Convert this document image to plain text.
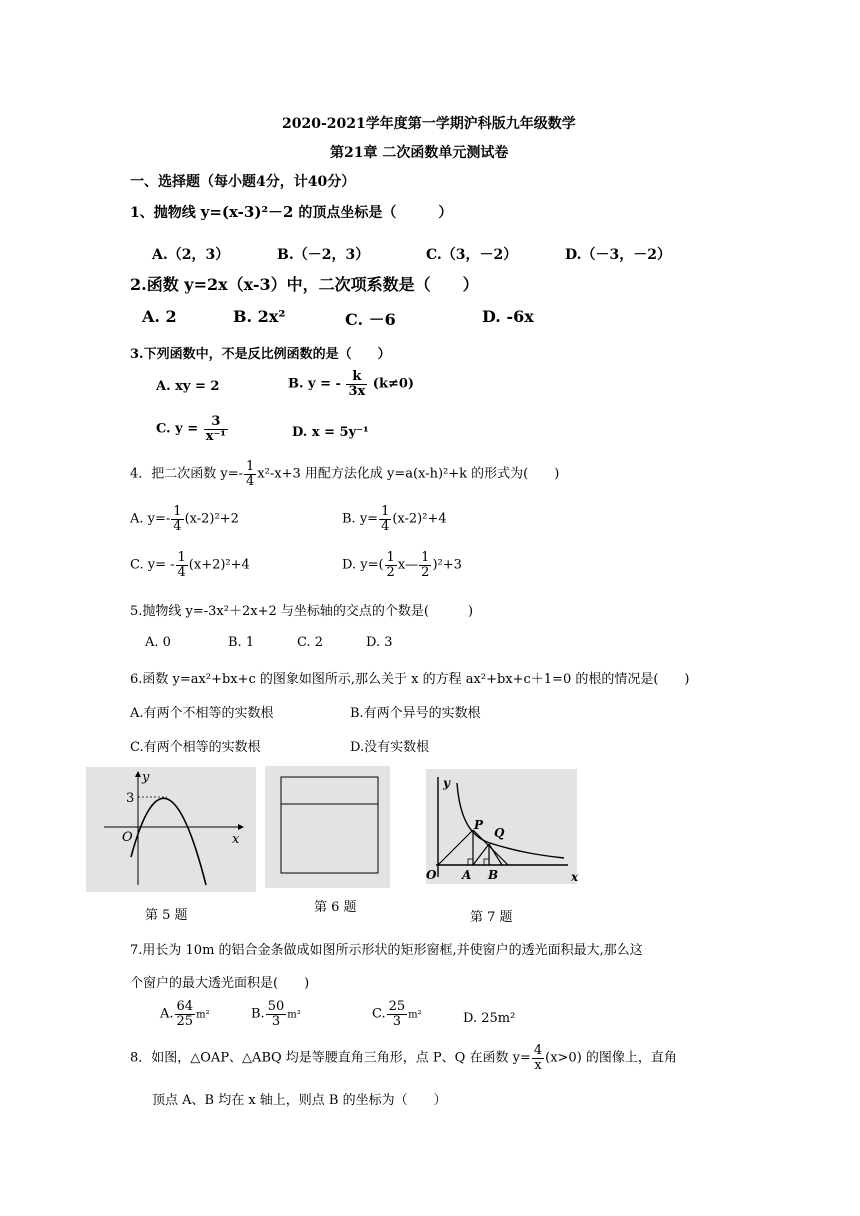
2020-2021学年度第一学期沪科版九年级数学
第21章 二次函数单元测试卷
一、选择题（每小题4分，计40分）
1、抛物线 y=(x-3)²－2 的顶点坐标是（　　　）
A.（2，3）	B.（－2，3）	C.（3，－2）	D.（－3，－2）
2.函数 y=2x（x-3）中，二次项系数是（　　）
A. 2	B. 2x²	C. －6	D. -6x
3.下列函数中，不是反比例函数的是（　　）
A. xy = 2	B. y = - $\frac{k}{3x} (k\ne 0)$
C. $y = \frac{3}{\text{x⁻¹}}$	D. x = 5y⁻¹
4．把二次函数 $y=- \frac{1}{4} x^2-x+3$ 用配方法化成 y=a(x-h)²+k 的形式为(　　)
A. $y=- \frac{1}{4} (x-2)^2+2$	B. $y= \frac{1}{4} (x-2)^2+4$
C. $y= - \frac{1}{4} (x+2)^2+4$	D. $y=( \frac{1}{2}$ x— $\frac{1}{2} )^2+3$
5.抛物线 y=-3x²＋2x+2 与坐标轴的交点的个数是(　　　)
A. 0	B. 1	C. 2	D. 3
6.函数 y=ax²+bx+c 的图象如图所示,那么关于 x 的方程 ax²+bx+c＋1=0 的根的情况是(　　)
A.有两个不相等的实数根	B.有两个异号的实数根
C.有两个相等的实数根	D.没有实数根
y
x
O
3
第 5 题
第 6 题
y
x
O
P
Q
A B
第 7 题
7.用长为 10m 的铝合金条做成如图所示形状的矩形窗框,并使窗户的透光面积最大,那么这
个窗户的最大透光面积是(　　)
A. $\frac{64}{25} m^2$	B. $\frac{50}{3} m^2$	C. $\frac{25}{3} m^2$	D. 25m²
8．如图，△OAP、△ABQ 均是等腰直角三角形，点 P、Q 在函数 $y= \frac{4}{x} (x>0)$ 的图像上，直角
顶点 A、B 均在 x 轴上，则点 B 的坐标为（　　）
